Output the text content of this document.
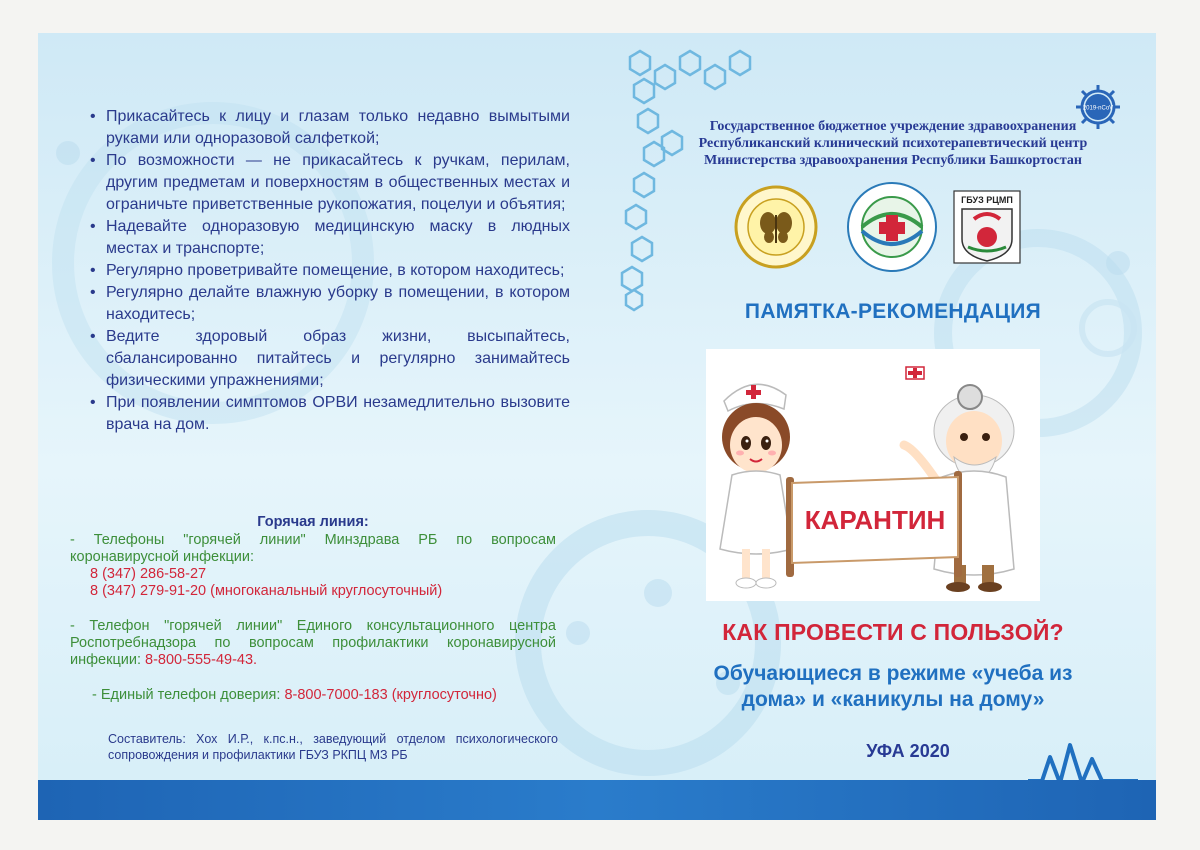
• Прикасайтесь к лицу и глазам только недавно вымытыми руками или одноразовой салфеткой;
• По возможности — не прикасайтесь к ручкам, перилам, другим предметам и поверхностям в общественных местах и ограничьте приветственные рукопожатия, поцелуи и объятия;
• Надевайте одноразовую медицинскую маску в людных местах и транспорте;
• Регулярно проветривайте помещение, в котором находитесь;
• Регулярно делайте влажную уборку в помещении, в котором находитесь;
• Ведите здоровый образ жизни, высыпайтесь, сбалансированно питайтесь и регулярно занимайтесь физическими упражнениями;
• При появлении симптомов ОРВИ незамедлительно вызовите врача на дом.
Горячая линия:

- Телефоны "горячей линии" Минздрава РБ по вопросам коронавирусной инфекции:

8 (347) 286-58-27
8 (347) 279-91-20 (многоканальный круглосуточный)

- Телефон "горячей линии" Единого консультационного центра Роспотребнадзора по вопросам профилактики коронавирусной инфекции: 8-800-555-49-43.

- Единый телефон доверия: 8-800-7000-183 (круглосуточно)
Составитель: Хох И.Р., к.пс.н., заведующий отделом психологического сопровождения и профилактики ГБУЗ РКПЦ МЗ РБ
2019-nCoV
Государственное бюджетное учреждение здравоохранения
Республиканский клинический психотерапевтический центр
Министерства здравоохранения Республики Башкортостан
ГБУЗ РЦМП
ПАМЯТКА-РЕКОМЕНДАЦИЯ
КАРАНТИН
КАК ПРОВЕСТИ С ПОЛЬЗОЙ?
Обучающиеся в режиме «учеба из
дома» и «каникулы на дому»
УФА 2020
